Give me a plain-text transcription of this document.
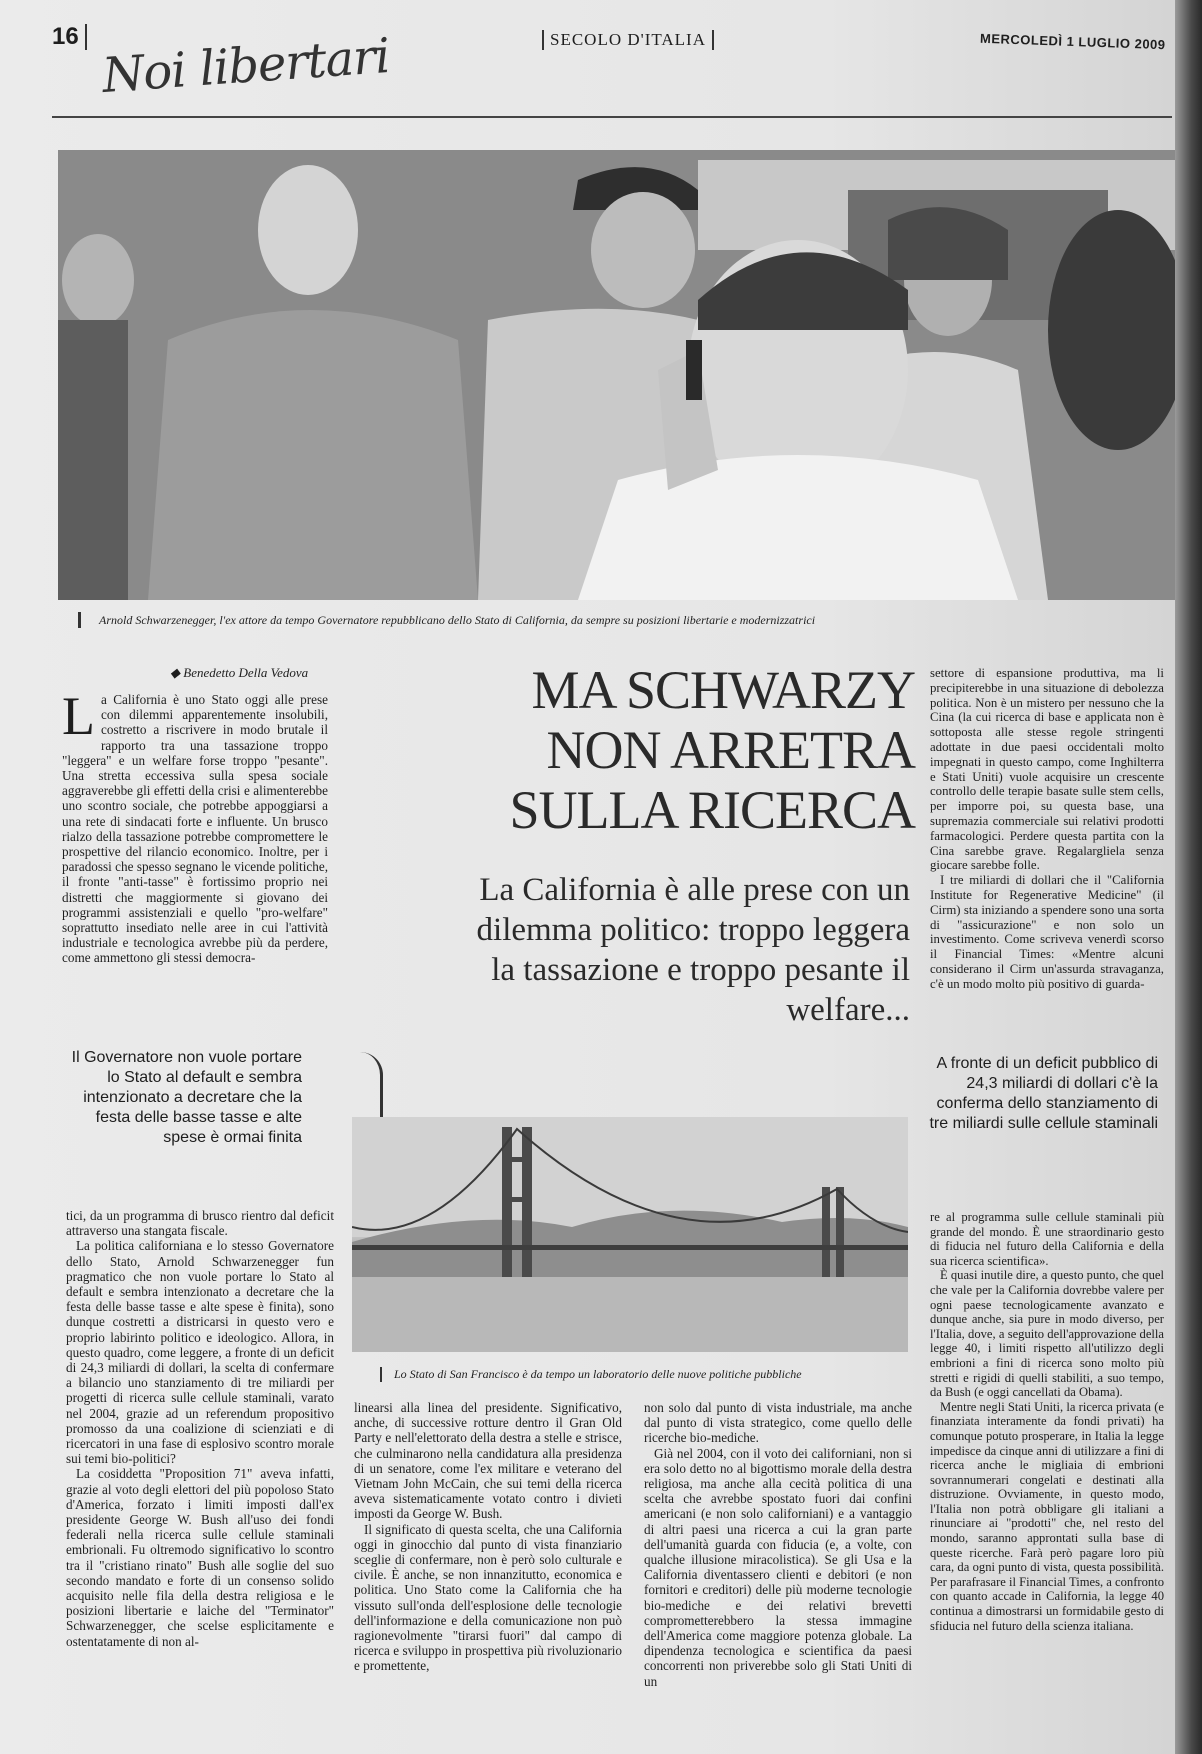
16 Noi libertari	SECOLO D'ITALIA	MERCOLEDÌ 1 LUGLIO 2009
Arnold Schwarzenegger, l'ex attore da tempo Governatore repubblicano dello Stato di California, da sempre su posizioni libertarie e modernizzatrici
◆ Benedetto Della Vedova

La California è uno Stato oggi alle prese con dilemmi apparentemente insolubili, costretto a riscrivere in modo brutale il rapporto tra una tassazione troppo "leggera" e un welfare forse troppo "pesante". Una stretta eccessiva sulla spesa sociale aggraverebbe gli effetti della crisi e alimenterebbe uno scontro sociale, che potrebbe appoggiarsi a una rete di sindacati forte e influente. Un brusco rialzo della tassazione potrebbe compromettere le prospettive del rilancio economico. Inoltre, per i paradossi che spesso segnano le vicende politiche, il fronte "anti-tasse" è fortissimo proprio nei distretti che maggiormente si giovano dei programmi assistenziali e quello "pro-welfare" soprattutto insediato nelle aree in cui l'attività industriale e tecnologica avrebbe più da perdere, come ammettono gli stessi democra-

MA SCHWARZY NON ARRETRA SULLA RICERCA
La California è alle prese con un dilemma politico: troppo leggera la tassazione e troppo pesante il welfare...
Il Governatore non vuole portare lo Stato al default e sembra intenzionato a decretare che la festa delle basse tasse e alte spese è ormai finita
A fronte di un deficit pubblico di 24,3 miliardi di dollari c'è la conferma dello stanziamento di tre miliardi sulle cellule staminali

tici, da un programma di brusco rientro dal deficit attraverso una stangata fiscale.

La politica californiana e lo stesso Governatore dello Stato, Arnold Schwarzenegger fun pragmatico che non vuole portare lo Stato al default e sembra intenzionato a decretare che la festa delle basse tasse e alte spese è finita), sono dunque costretti a districarsi in questo vero e proprio labirinto politico e ideologico. Allora, in questo quadro, come leggere, a fronte di un deficit di 24,3 miliardi di dollari, la scelta di confermare a bilancio uno stanziamento di tre miliardi per progetti di ricerca sulle cellule staminali, varato nel 2004, grazie ad un referendum propositivo promosso da una coalizione di scienziati e di ricercatori in una fase di esplosivo scontro morale sui temi bio-politici?

La cosiddetta "Proposition 71" aveva infatti, grazie al voto degli elettori del più popoloso Stato d'America, forzato i limiti imposti dall'ex presidente George W. Bush all'uso dei fondi federali nella ricerca sulle cellule staminali embrionali. Fu oltremodo significativo lo scontro tra il "cristiano rinato" Bush alle soglie del suo secondo mandato e forte di un consenso solido acquisito nelle fila della destra religiosa e le posizioni libertarie e laiche del "Terminator" Schwarzenegger, che scelse esplicitamente e ostentatamente di non al-

Lo Stato di San Francisco è da tempo un laboratorio delle nuove politiche pubbliche

linearsi alla linea del presidente. Significativo, anche, di successive rotture dentro il Gran Old Party e nell'elettorato della destra a stelle e strisce, che culminarono nella candidatura alla presidenza di un senatore, come l'ex militare e veterano del Vietnam John McCain, che sui temi della ricerca aveva sistematicamente votato contro i divieti imposti da George W. Bush.

Il significato di questa scelta, che una California oggi in ginocchio dal punto di vista finanziario sceglie di confermare, non è però solo culturale e civile. È anche, se non innanzitutto, economica e politica. Uno Stato come la California che ha vissuto sull'onda dell'esplosione delle tecnologie dell'informazione e della comunicazione non può ragionevolmente "tirarsi fuori" dal campo di ricerca e sviluppo in prospettiva più rivoluzionario e promettente,

non solo dal punto di vista industriale, ma anche dal punto di vista strategico, come quello delle ricerche bio-mediche.

Già nel 2004, con il voto dei californiani, non si era solo detto no al bigottismo morale della destra religiosa, ma anche alla cecità politica di una scelta che avrebbe spostato fuori dai confini americani (e non solo californiani) e a vantaggio di altri paesi una ricerca a cui la gran parte dell'umanità guarda con fiducia (e, a volte, con qualche illusione miracolistica). Se gli Usa e la California diventassero clienti e debitori (e non fornitori e creditori) delle più moderne tecnologie bio-mediche e dei relativi brevetti comprometterebbero la stessa immagine dell'America come maggiore potenza globale. La dipendenza tecnologica e scientifica da paesi concorrenti non priverebbe solo gli Stati Uniti di un

settore di espansione produttiva, ma li precipiterebbe in una situazione di debolezza politica. Non è un mistero per nessuno che la Cina (la cui ricerca di base e applicata non è sottoposta alle stesse regole stringenti adottate in due paesi occidentali molto impegnati in questo campo, come Inghilterra e Stati Uniti) vuole acquisire un crescente controllo delle terapie basate sulle stem cells, per imporre poi, su questa base, una supremazia commerciale sui relativi prodotti farmacologici. Perdere questa partita con la Cina sarebbe grave. Regalargliela senza giocare sarebbe folle.

I tre miliardi di dollari che il "California Institute for Regenerative Medicine" (il Cirm) sta iniziando a spendere sono una sorta di "assicurazione" e non solo un investimento. Come scriveva venerdì scorso il Financial Times: «Mentre alcuni considerano il Cirm un'assurda stravaganza, c'è un modo molto più positivo di guarda-

re al programma sulle cellule staminali più grande del mondo. È une straordinario gesto di fiducia nel futuro della California e della sua ricerca scientifica».

È quasi inutile dire, a questo punto, che quel che vale per la California dovrebbe valere per ogni paese tecnologicamente avanzato e dunque anche, sia pure in modo diverso, per l'Italia, dove, a seguito dell'approvazione della legge 40, i limiti rispetto all'utilizzo degli embrioni a fini di ricerca sono molto più stretti e rigidi di quelli stabiliti, a suo tempo, da Bush (e oggi cancellati da Obama).

Mentre negli Stati Uniti, la ricerca privata (e finanziata interamente da fondi privati) ha comunque potuto prosperare, in Italia la legge impedisce da cinque anni di utilizzare a fini di ricerca anche le migliaia di embrioni sovrannumerari congelati e destinati alla distruzione. Ovviamente, in questo modo, l'Italia non potrà obbligare gli italiani a rinunciare ai "prodotti" che, nel resto del mondo, saranno approntati sulla base di queste ricerche. Farà però pagare loro più cara, da ogni punto di vista, questa possibilità. Per parafrasare il Financial Times, a confronto con quanto accade in California, la legge 40 continua a dimostrarsi un formidabile gesto di sfiducia nel futuro della scienza italiana.
